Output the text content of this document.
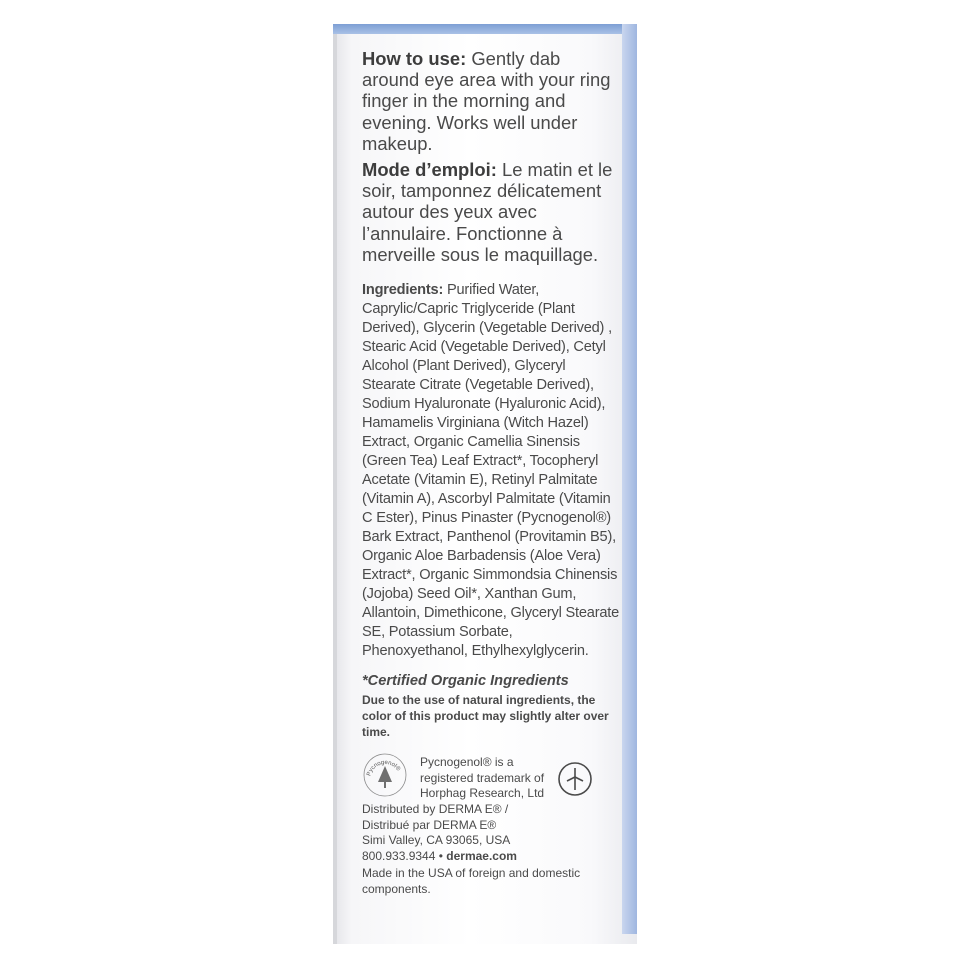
How to use: Gently dab around eye area with your ring finger in the morning and evening. Works well under makeup.

Mode d’emploi: Le matin et le soir, tamponnez délicatement autour des yeux avec l’annulaire. Fonctionne à merveille sous le maquillage.

Ingredients: Purified Water, Caprylic/Capric Triglyceride (Plant Derived), Glycerin (Vegetable Derived) , Stearic Acid (Vegetable Derived), Cetyl Alcohol (Plant Derived), Glyceryl Stearate Citrate (Vegetable Derived), Sodium Hyaluronate (Hyaluronic Acid), Hamamelis Virginiana (Witch Hazel) Extract, Organic Camellia Sinensis (Green Tea) Leaf Extract*, Tocopheryl Acetate (Vitamin E), Retinyl Palmitate (Vitamin A), Ascorbyl Palmitate (Vitamin C Ester), Pinus Pinaster (Pycnogenol®) Bark Extract, Panthenol (Provitamin B5), Organic Aloe Barbadensis (Aloe Vera) Extract*, Organic Simmondsia Chinensis (Jojoba) Seed Oil*, Xanthan Gum, Allantoin, Dimethicone, Glyceryl Stearate SE, Potassium Sorbate, Phenoxyethanol, Ethylhexylglycerin.

*Certified Organic Ingredients

Due to the use of natural ingredients, the color of this product may slightly alter over time.

Pycnogenol® Pycnogenol® is a
registered trademark of
Horphag Research, Ltd

Distributed by DERMA E® /

Distribué par DERMA E®

Simi Valley, CA 93065, USA

800.933.9344 • dermae.com

Made in the USA of foreign and domestic components.
